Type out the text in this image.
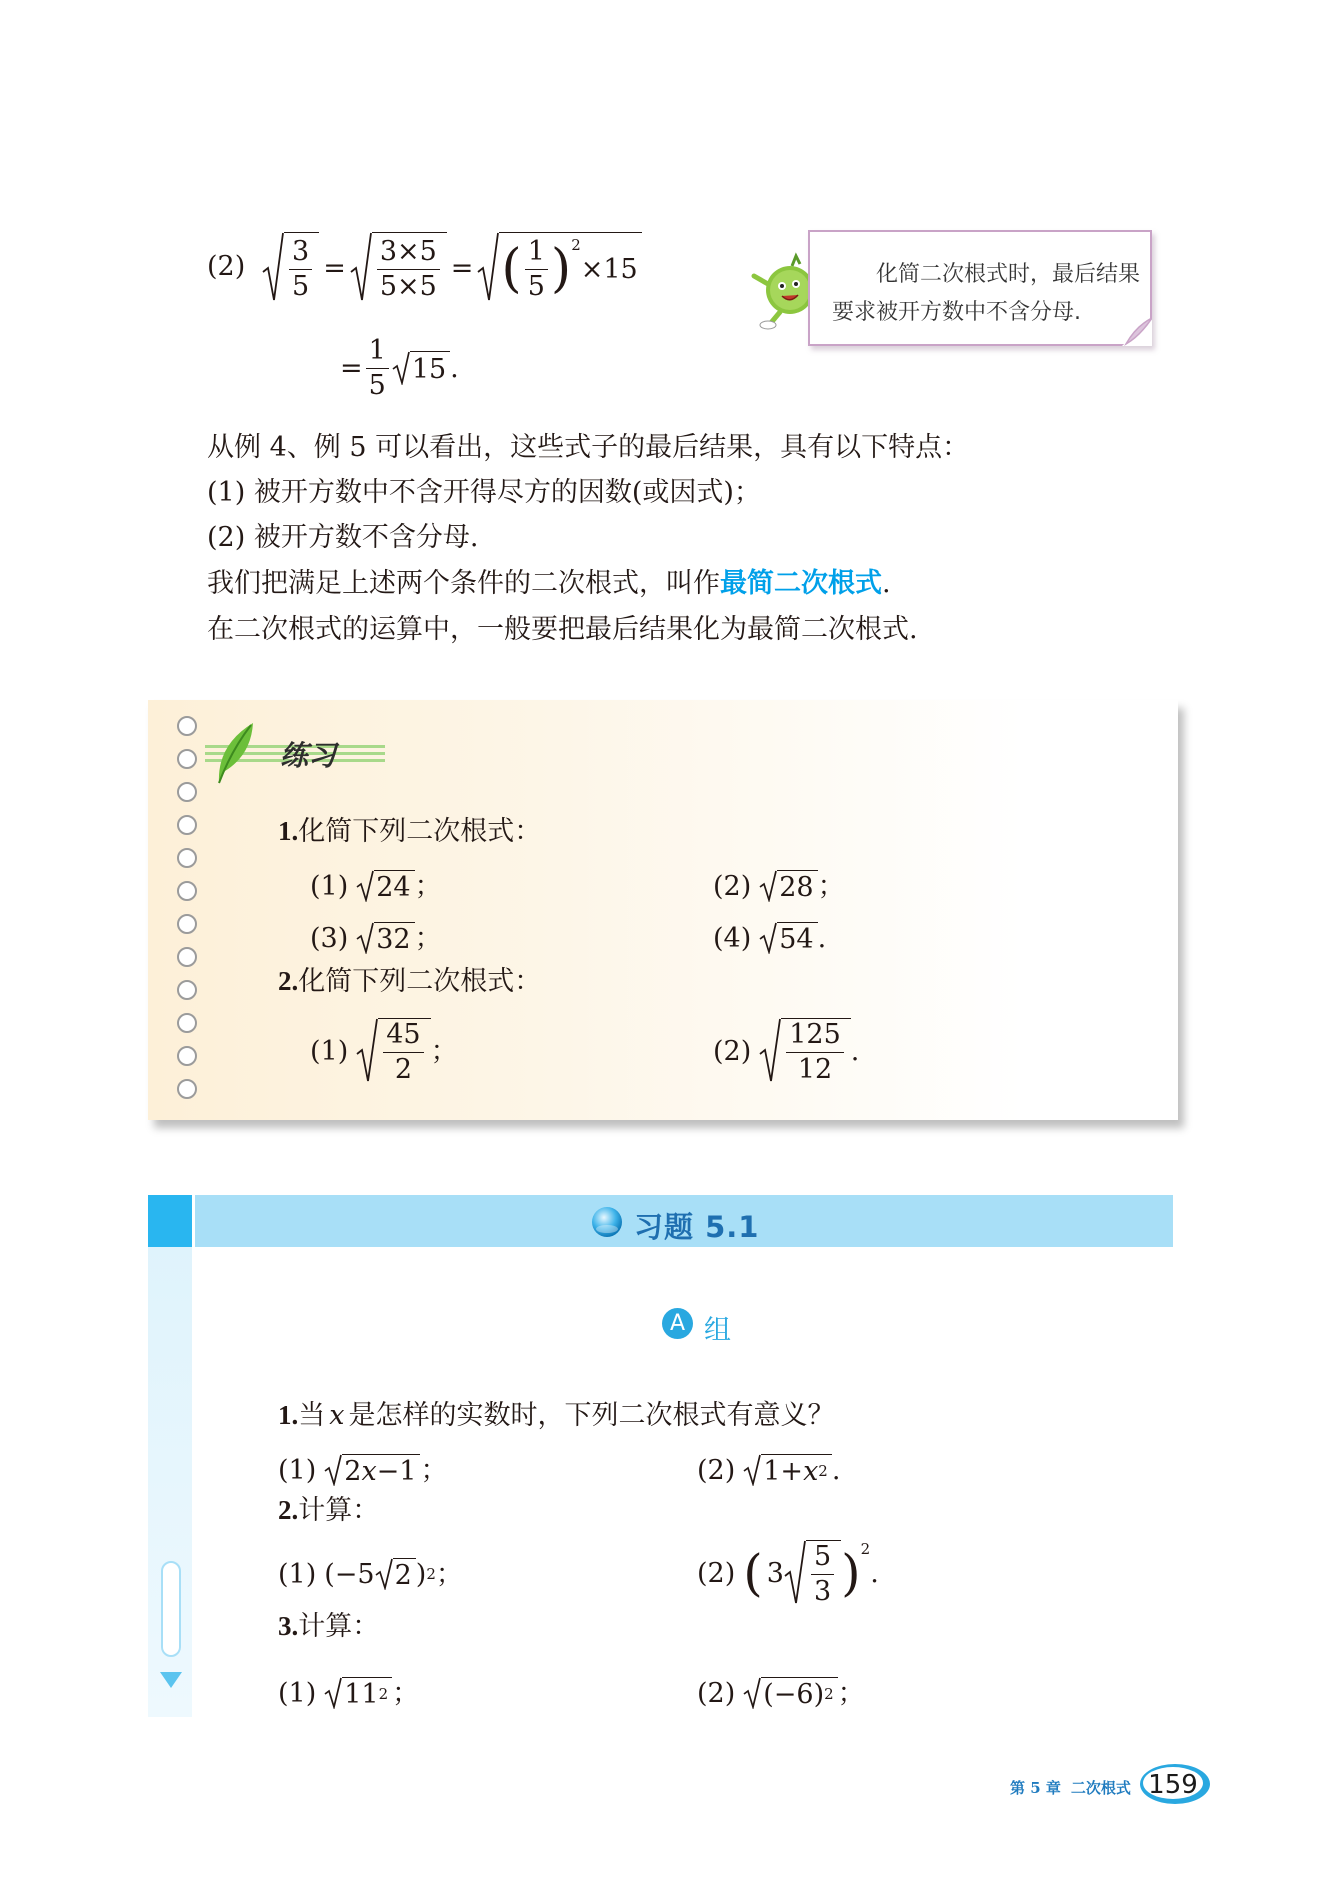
$(2) \frac{3}{5} = \frac{3\times 5}{5\times 5}$ = ( $\frac{1}{5}$ ) 2
×15
= $\frac{1}{5} 15$ .
化简二次根式时，最后结果要求被开方数中不含分母.
从例 4、例 5 可以看出，这些式子的最后结果，具有以下特点：
(1) 被开方数中不含开得尽方的因数(或因式)；
(2) 被开方数不含分母.
我们把满足上述两个条件的二次根式，叫作最简二次根式.
在二次根式的运算中，一般要把最后结果化为最简二次根式.
练习
1.化简下列二次根式：
(1) 24 ；	(2) 28 ；
(3) 32 ；	(4) 54 .
2.化简下列二次根式：
$(1) \frac{45}{2}$ ；	$(2) \frac{125}{12}$ .
习题 5.1
A 组
1.当 x 是怎样的实数时，下列二次根式有意义？
(1) 2 x −1 ；	(2) 1+ x 2 .
2.计算：
(1) (−5 2 ) 2 ；	(2) ( $3 \frac{5}{3}$ ) 2
.
3.计算：
(1) 11 2 ；	(2) (−6) 2 ；
第 5 章 二次根式 159
